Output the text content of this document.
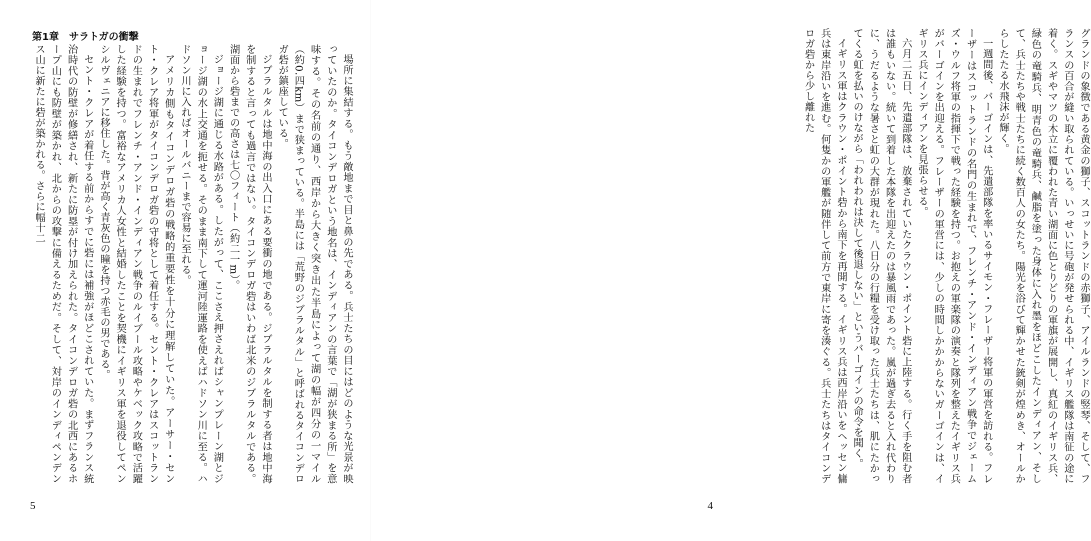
第1章　サラトガの衝撃

場所に集結する。もう敵地まで目と鼻の先である。兵士たちの目にはどのような光景が映っていたのか。タイコンデロガという地名は、インディアンの言葉で「湖が狭まる所」を意味する。その名前の通り、西岸から大きく突き出た半島によって湖の幅が四分の一マイル（約0.四km）まで狭まっている。半島には「荒野のジブラルタル」と呼ばれるタイコンデロガ砦が鎮座している。

ジブラルタルは地中海の出入口にある要衝の地である。ジブラルタルを制する者は地中海を制すると言っても過言ではない。タイコンデロガ砦はいわば北米のジブラルタルである。湖面から砦までの高さは七〇フィート（約二一m）。

ジョージ湖に通じる水路がある。したがって、ここさえ押さえればシャンプレーン湖とジョージ湖の水上交通を扼せる。そのまま南下して運河陸運路を使えばハドソン川に至る。ハドソン川に入ればオールバニーまで容易に至れる。

アメリカ側もタイコンデロガ砦の戦略的重要性を十分に理解していた。アーサー・セント・クレア将軍がタイコンデロガ砦の守将として着任する。セント・クレアはスコットランドの生まれでフレンチ・アンド・インディアン戦争のルイブール攻略やケベック攻略で活躍した経験を持つ。富裕なアメリカ人女性と結婚したことを契機にイギリス軍を退役してペンシルヴェニアに移住した。背が高く青灰色の瞳を持つ赤毛の男である。

セント・クレアが着任する前からすでに砦には補強がほどこされていた。まずフランス統治時代の防壁が修繕され、新たに防塁が付け加えられた。タイコンデロガ砦の北西にあるホープ山にも防壁が築かれ、北からの攻撃に備えるためだ。そして、対岸のインディペンデンス山に新たに砦が築かれる。さらに幅十二

5

グランドの象徴である黄金の獅子、スコットランドの赤獅子、アイルランドの竪琴、そして、フランスの百合が縫い取られている。いっせいに号砲が発せられる中、イギリス艦隊は南征の途に着く。スギやマツの木立に覆われた青い湖面に色とりどりの軍旗が展開し、真紅のイギリス兵、緑色の竜騎兵、明青色の竜騎兵、鹹脂を塗った身体に入れ墨をほどこしたインディアン、そして、兵士たちや戦士たちに続く数百人の女たち。陽光を浴びて輝かせた銃剣が煌めき、オールからしたたる水飛沫が輝く。

一週間後、バーゴインは、先遣部隊を率いるサイモン・フレーザー将軍の軍営を訪れる。フレーザーはスコットランドの名門の生まれで、フレンチ・アンド・インディアン戦争でジェームズ・ウルフ将軍の指揮下で戦った経験を持つ。お抱えの軍楽隊の演奏と隊列を整えたイギリス兵がバーゴインを出迎える。フレーザーの軍営には、少しの時間しかかからないガーゴインは、イギリス兵にインディアンを見張らせる。

六月二五日、先遣部隊は、放棄されていたクラウン・ポイント砦に上陸する。行く手を阻む者は誰もいない。続いて到着した本隊を出迎えたのは暴風雨であった。嵐が過ぎ去ると入れ代わりに、うだるような暑さと虹の大群が現れた。八日分の行糧を受け取った兵士たちは、肌にたかってくる虹を払いのけながら「われわれは決して後退しない」というバーゴインの命令を聞く。

イギリス軍はクラウン・ポイント砦から南下を再開する。イギリス兵は西岸沿いをヘッセン傭兵は東岸沿いを進む。何隻かの軍艦が随伴して前方で東岸に寄を湊ぐる。兵士たちはタイコンデロガ砦から少し離れた

4
